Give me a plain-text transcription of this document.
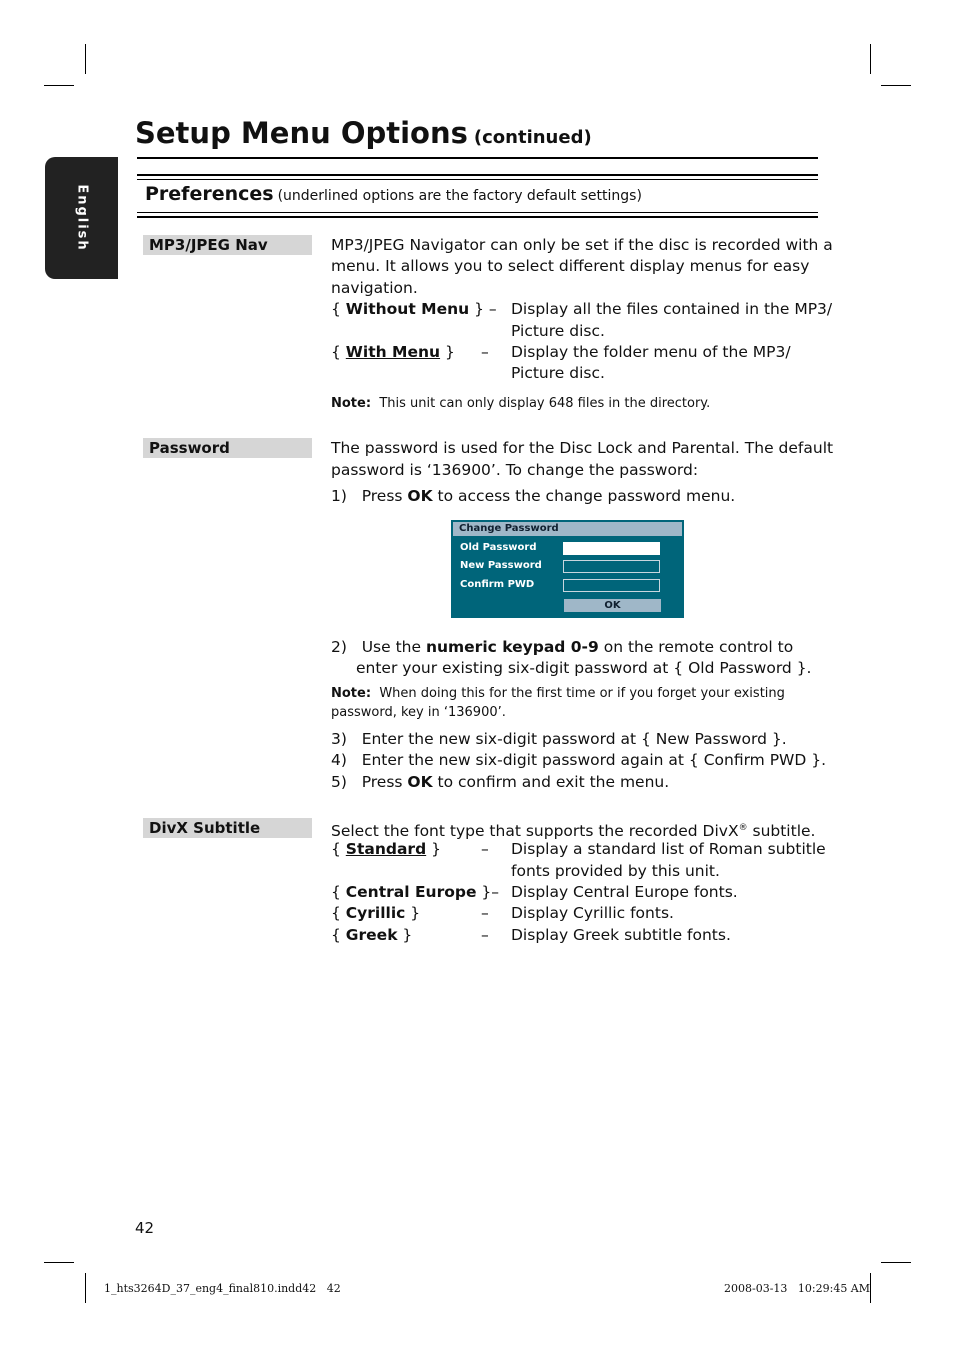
English
Setup Menu Options (continued)
Preferences (underlined options are the factory default settings)
MP3/JPEG Nav	MP3/JPEG Navigator can only be set if the disc is recorded with a
menu. It allows you to select different display menus for easy
navigation.
{ Without Menu } – Display all the files contained in the MP3/
Picture disc.
{ With Menu } – Display the folder menu of the MP3/
Picture disc.
Note: This unit can only display 648 files in the directory.
Password	The password is used for the Disc Lock and Parental. The default
password is ‘136900’. To change the password:
1)   Press OK to access the change password menu.
Change Password
Old Password
New Password
Confirm PWD
OK
2)   Use the numeric keypad 0-9 on the remote control to
enter your existing six-digit password at { Old Password }.
Note: When doing this for the first time or if you forget your existing
password, key in ‘136900’.
3)   Enter the new six-digit password at { New Password }.
4)   Enter the new six-digit password again at { Confirm PWD }.
5)   Press OK to confirm and exit the menu.
DivX Subtitle	Select the font type that supports the recorded DivX® subtitle.
{ Standard }	– Display a standard list of Roman subtitle
fonts provided by this unit.
{ Central Europe }– Display Central Europe fonts.
{ Cyrillic }	– Display Cyrillic fonts.
{ Greek }	– Display Greek subtitle fonts.
42
1_hts3264D_37_eng4_final810.indd42   42	2008-03-13   10:29:45 AM
